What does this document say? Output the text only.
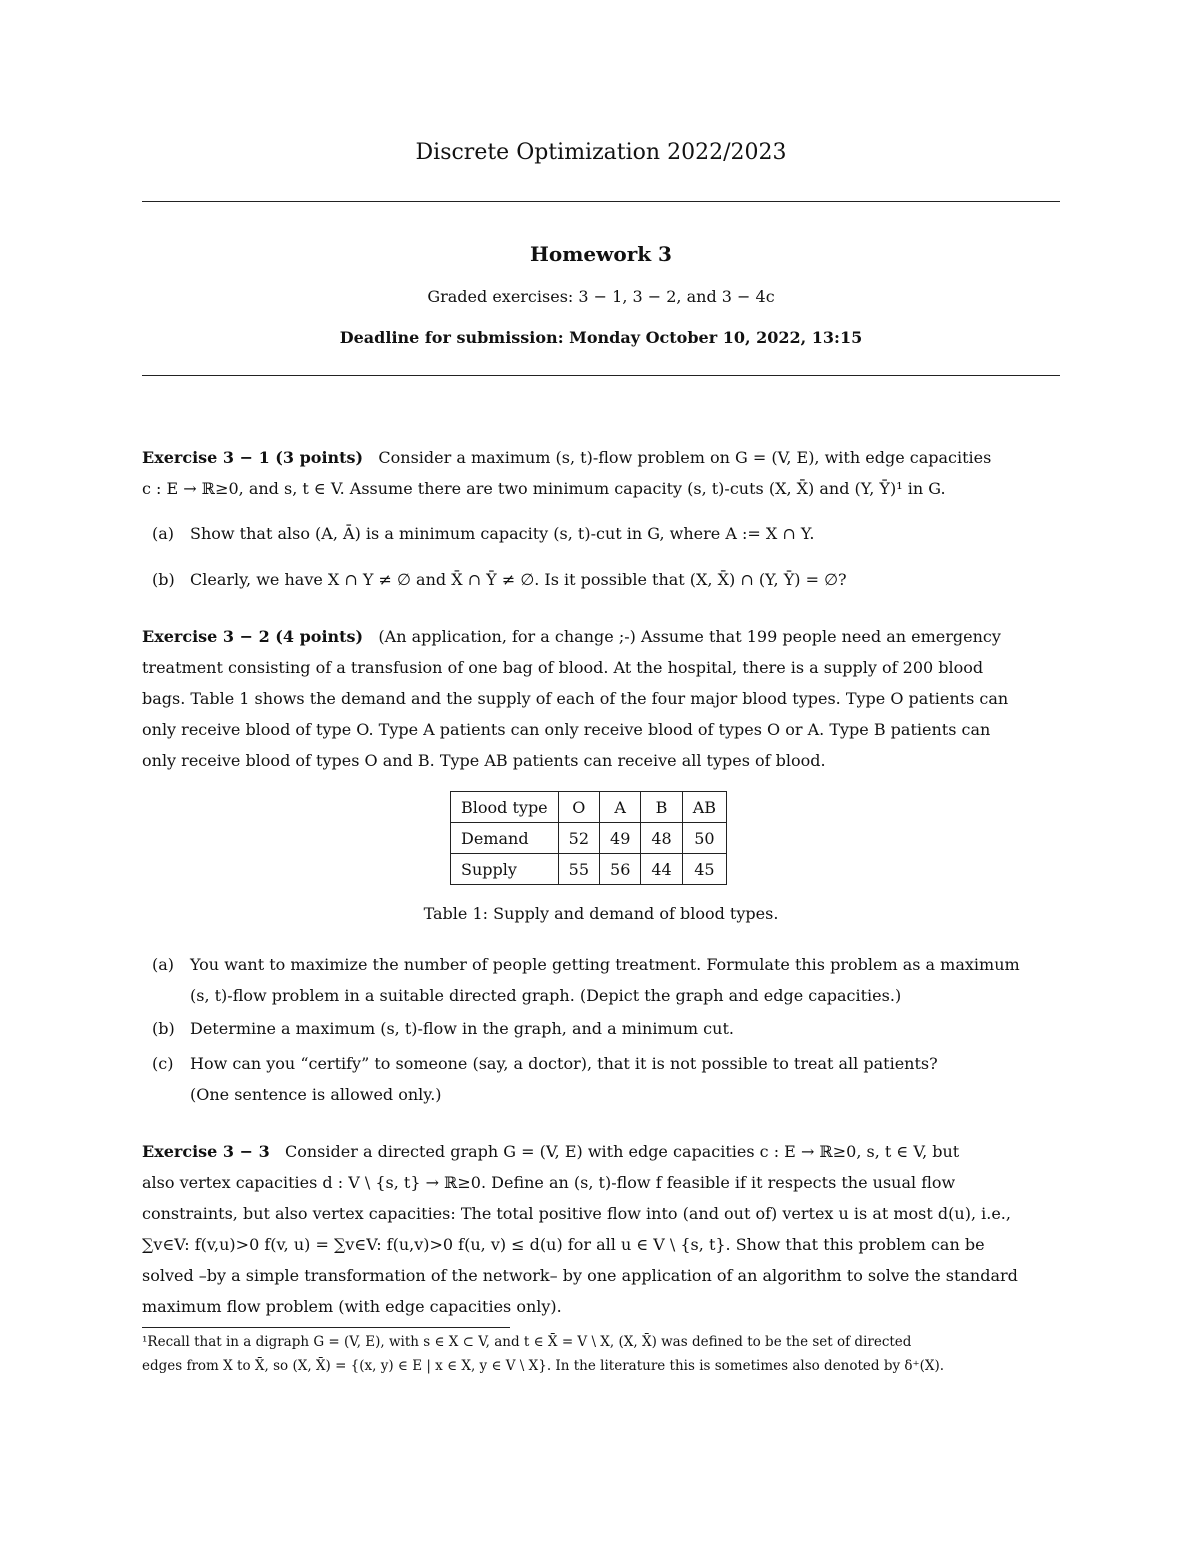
Discrete Optimization 2022/2023
Homework 3
Graded exercises: 3 − 1, 3 − 2, and 3 − 4c
Deadline for submission: Monday October 10, 2022, 13:15
Exercise 3 − 1 (3 points) Consider a maximum (s, t)-flow problem on G = (V, E), with edge capacities
c : E → ℝ≥0, and s, t ∈ V. Assume there are two minimum capacity (s, t)-cuts (X, X̄) and (Y, Ȳ)¹ in G.
(a) Show that also (A, Ā) is a minimum capacity (s, t)-cut in G, where A := X ∩ Y.
(b) Clearly, we have X ∩ Y ≠ ∅ and X̄ ∩ Ȳ ≠ ∅. Is it possible that (X, X̄) ∩ (Y, Ȳ) = ∅?
Exercise 3 − 2 (4 points) (An application, for a change ;-) Assume that 199 people need an emergency
treatment consisting of a transfusion of one bag of blood. At the hospital, there is a supply of 200 blood
bags. Table 1 shows the demand and the supply of each of the four major blood types. Type O patients can
only receive blood of type O. Type A patients can only receive blood of types O or A. Type B patients can
only receive blood of types O and B. Type AB patients can receive all types of blood.
Blood type	O	A	B	AB
Demand	52	49	48	50
Supply	55	56	44	45
Table 1: Supply and demand of blood types.
(a) You want to maximize the number of people getting treatment. Formulate this problem as a maximum
(s, t)-flow problem in a suitable directed graph. (Depict the graph and edge capacities.)
(b) Determine a maximum (s, t)-flow in the graph, and a minimum cut.
(c) How can you “certify” to someone (say, a doctor), that it is not possible to treat all patients?
(One sentence is allowed only.)
Exercise 3 − 3 Consider a directed graph G = (V, E) with edge capacities c : E → ℝ≥0, s, t ∈ V, but
also vertex capacities d : V \ {s, t} → ℝ≥0. Define an (s, t)-flow f feasible if it respects the usual flow
constraints, but also vertex capacities: The total positive flow into (and out of) vertex u is at most d(u), i.e.,
∑v∈V: f(v,u)>0 f(v, u) = ∑v∈V: f(u,v)>0 f(u, v) ≤ d(u) for all u ∈ V \ {s, t}. Show that this problem can be
solved –by a simple transformation of the network– by one application of an algorithm to solve the standard
maximum flow problem (with edge capacities only).
¹Recall that in a digraph G = (V, E), with s ∈ X ⊂ V, and t ∈ X̄ = V \ X, (X, X̄) was defined to be the set of directed
edges from X to X̄, so (X, X̄) = {(x, y) ∈ E | x ∈ X, y ∈ V \ X}. In the literature this is sometimes also denoted by δ⁺(X).
